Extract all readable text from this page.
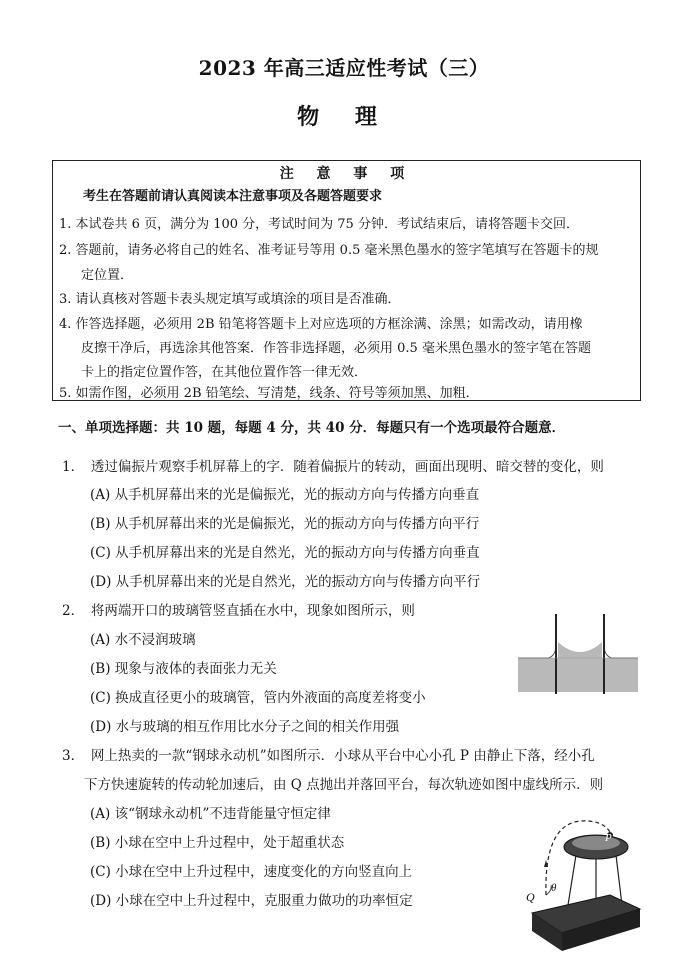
2023 年高三适应性考试（三）
物 理
注 意 事 项
考生在答题前请认真阅读本注意事项及各题答题要求
1. 本试卷共 6 页，满分为 100 分，考试时间为 75 分钟．考试结束后，请将答题卡交回．
2. 答题前，请务必将自己的姓名、准考证号等用 0.5 毫米黑色墨水的签字笔填写在答题卡的规
定位置．
3. 请认真核对答题卡表头规定填写或填涂的项目是否准确．
4. 作答选择题，必须用 2B 铅笔将答题卡上对应选项的方框涂满、涂黑；如需改动，请用橡
皮擦干净后，再选涂其他答案．作答非选择题，必须用 0.5 毫米黑色墨水的签字笔在答题
卡上的指定位置作答，在其他位置作答一律无效．
5. 如需作图，必须用 2B 铅笔绘、写清楚，线条、符号等须加黑、加粗．
一、单项选择题：共 10 题，每题 4 分，共 40 分．每题只有一个选项最符合题意．
1．　透过偏振片观察手机屏幕上的字．随着偏振片的转动，画面出现明、暗交替的变化，则
(A) 从手机屏幕出来的光是偏振光，光的振动方向与传播方向垂直
(B) 从手机屏幕出来的光是偏振光，光的振动方向与传播方向平行
(C) 从手机屏幕出来的光是自然光，光的振动方向与传播方向垂直
(D) 从手机屏幕出来的光是自然光，光的振动方向与传播方向平行
2．　将两端开口的玻璃管竖直插在水中，现象如图所示，则
(A) 水不浸润玻璃
(B) 现象与液体的表面张力无关
(C) 换成直径更小的玻璃管，管内外液面的高度差将变小
(D) 水与玻璃的相互作用比水分子之间的相关作用强
3．　网上热卖的一款“钢球永动机”如图所示．小球从平台中心小孔 P 由静止下落，经小孔
下方快速旋转的传动轮加速后，由 Q 点抛出并落回平台，每次轨迹如图中虚线所示．则
(A) 该“钢球永动机”不违背能量守恒定律
(B) 小球在空中上升过程中，处于超重状态
(C) 小球在空中上升过程中，速度变化的方向竖直向上
(D) 小球在空中上升过程中，克服重力做功的功率恒定
P
Q
θ
